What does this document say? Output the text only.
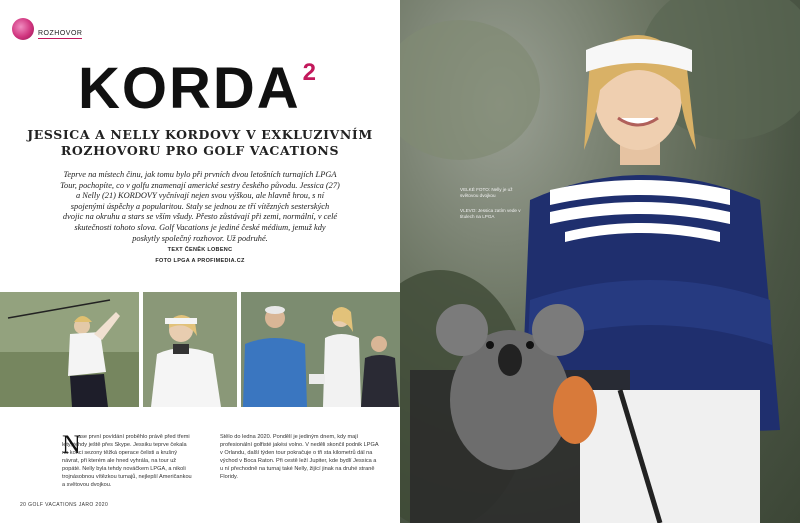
ROZHOVOR
KORDA$^2$
JESSICA A NELLY KORDOVY V EXKLUZIVNÍM
ROZHOVORU PRO GOLF VACATIONS
Teprve na místech činu, jak tomu bylo při prvních dvou letošních turnajích LPGA Tour, pochopíte, co v golfu znamenají americké sestry českého původu. Jessica (27) a Nelly (21) KORDOVY vyčnívají nejen svou výškou, ale hlavně hrou, s ní spojenými úspěchy a popularitou. Staly se jednou ze tří vítězných sesterských dvojic na okruhu a stars se vším všudy. Přesto zůstávají při zemi, normální, v celé skutečnosti tohoto slova. Golf Vacations je jediné české médium, jemuž kdy poskytly společný rozhovor. Už podruhé.
TEXT ČENĚK LOBENC
FOTO LPGA A PROFIMEDIA.CZ
N
ase první povídání proběhlo právě před třemi lety, tehdy ještě přes Skype. Jessiku teprve čekala na konci sezony těžká operace čelisti a krušný návrat, při kterém ale hned vyhrála, na tour už popáté. Nelly byla tehdy nováčkem LPGA, a nikoli trojnásobnou vítězkou turnajů, nejlepší Američankou a světovou dvojkou.
Stělo do ledna 2020. Pondělí je jediným dnem, kdy mají profesionální golfisté jakési volno. V neděli skončil podnik LPGA v Orlandu, další týden tour pokračuje o tři sta kilometrů dál na východ v Boca Raton. Při cestě leží Jupiter, kde bydlí Jessica a u ní přechodně na turnaj také Nelly, žijící jinak na druhé straně Floridy.
20 GOLF VACATIONS JARO 2020
VELKÉ FOTO: Nelly je už světovou dvojkou
VLEVO: Jessica zatím vede v titulech na LPGA
